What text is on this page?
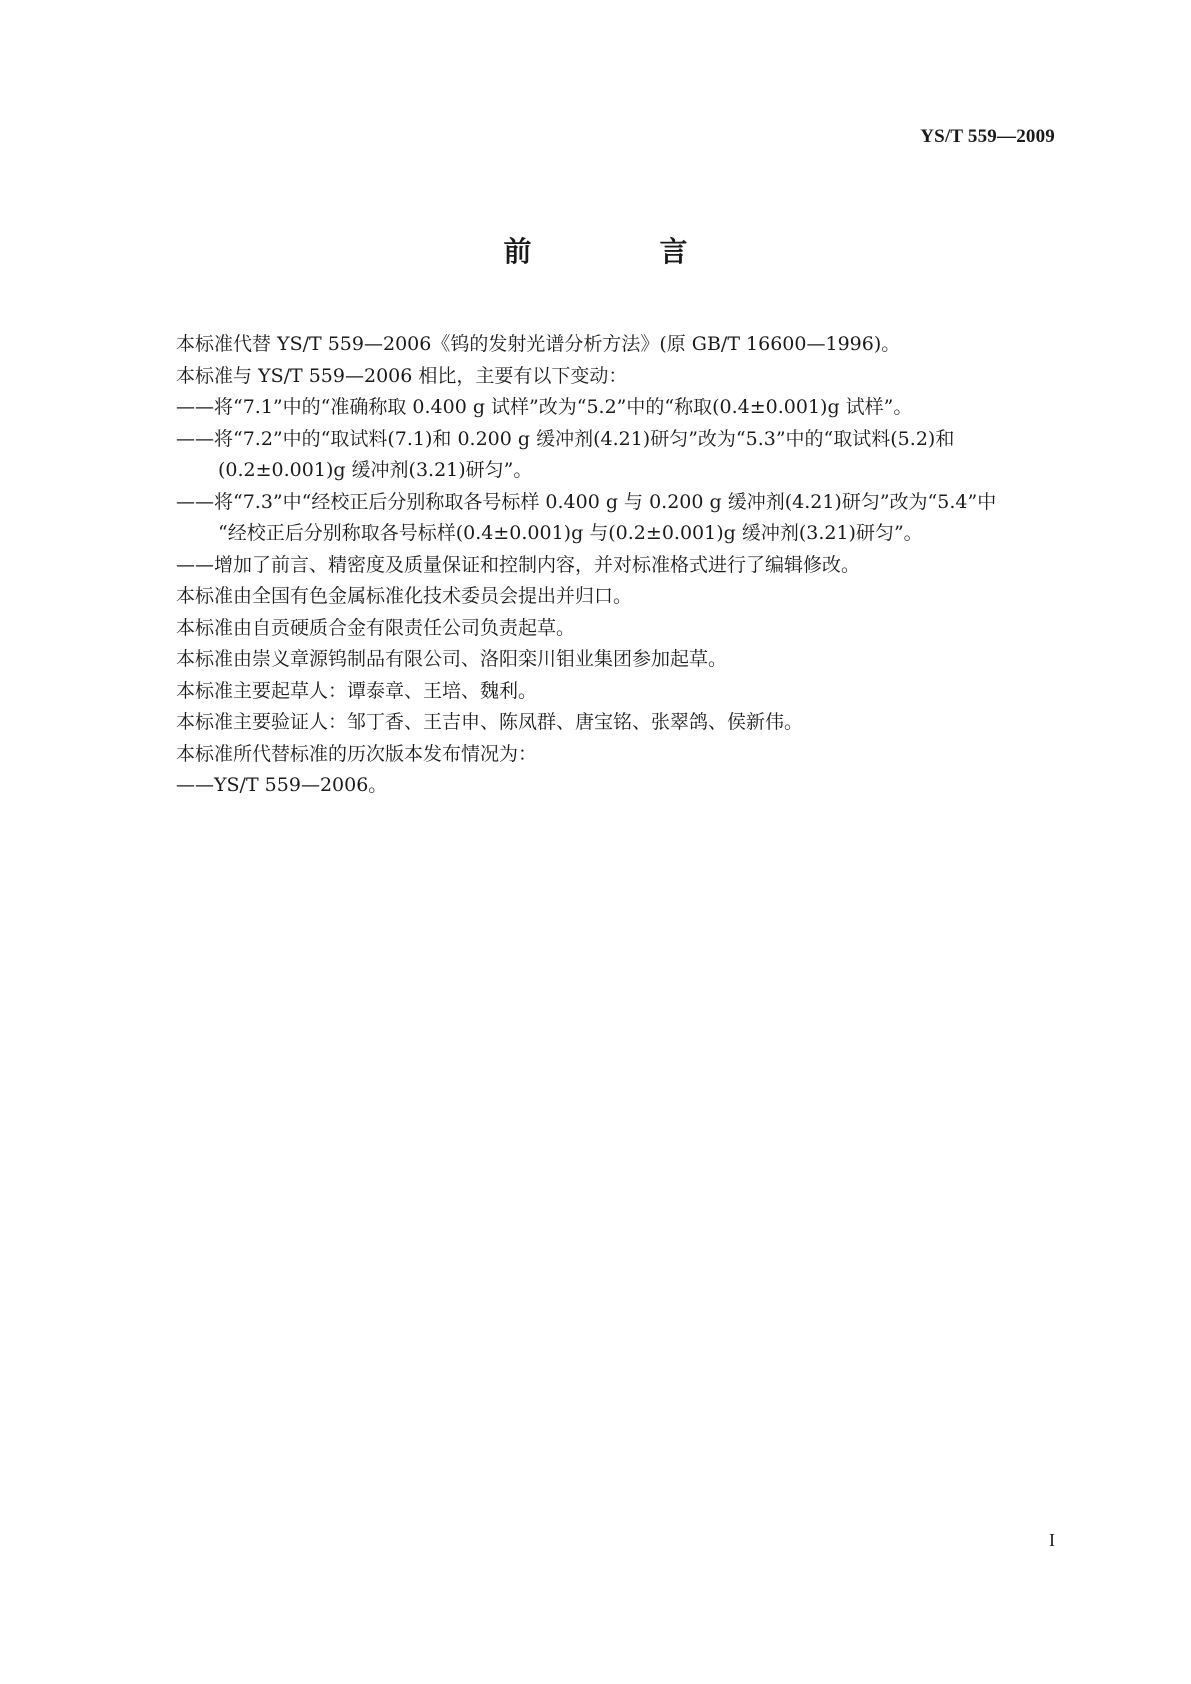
YS/T 559—2009
前　言
本标准代替 YS/T 559—2006《钨的发射光谱分析方法》(原 GB/T 16600—1996)。
本标准与 YS/T 559—2006 相比，主要有以下变动：
——将“7.1”中的“准确称取 0.400 g 试样”改为“5.2”中的“称取(0.4±0.001)g 试样”。
——将“7.2”中的“取试料(7.1)和 0.200 g 缓冲剂(4.21)研匀”改为“5.3”中的“取试料(5.2)和
(0.2±0.001)g 缓冲剂(3.21)研匀”。
——将“7.3”中“经校正后分别称取各号标样 0.400 g 与 0.200 g 缓冲剂(4.21)研匀”改为“5.4”中
“经校正后分别称取各号标样(0.4±0.001)g 与(0.2±0.001)g 缓冲剂(3.21)研匀”。
——增加了前言、精密度及质量保证和控制内容，并对标准格式进行了编辑修改。
本标准由全国有色金属标准化技术委员会提出并归口。
本标准由自贡硬质合金有限责任公司负责起草。
本标准由崇义章源钨制品有限公司、洛阳栾川钼业集团参加起草。
本标准主要起草人：谭泰章、王培、魏利。
本标准主要验证人：邹丁香、王吉申、陈凤群、唐宝铭、张翠鸽、侯新伟。
本标准所代替标准的历次版本发布情况为：
——YS/T 559—2006。
I
